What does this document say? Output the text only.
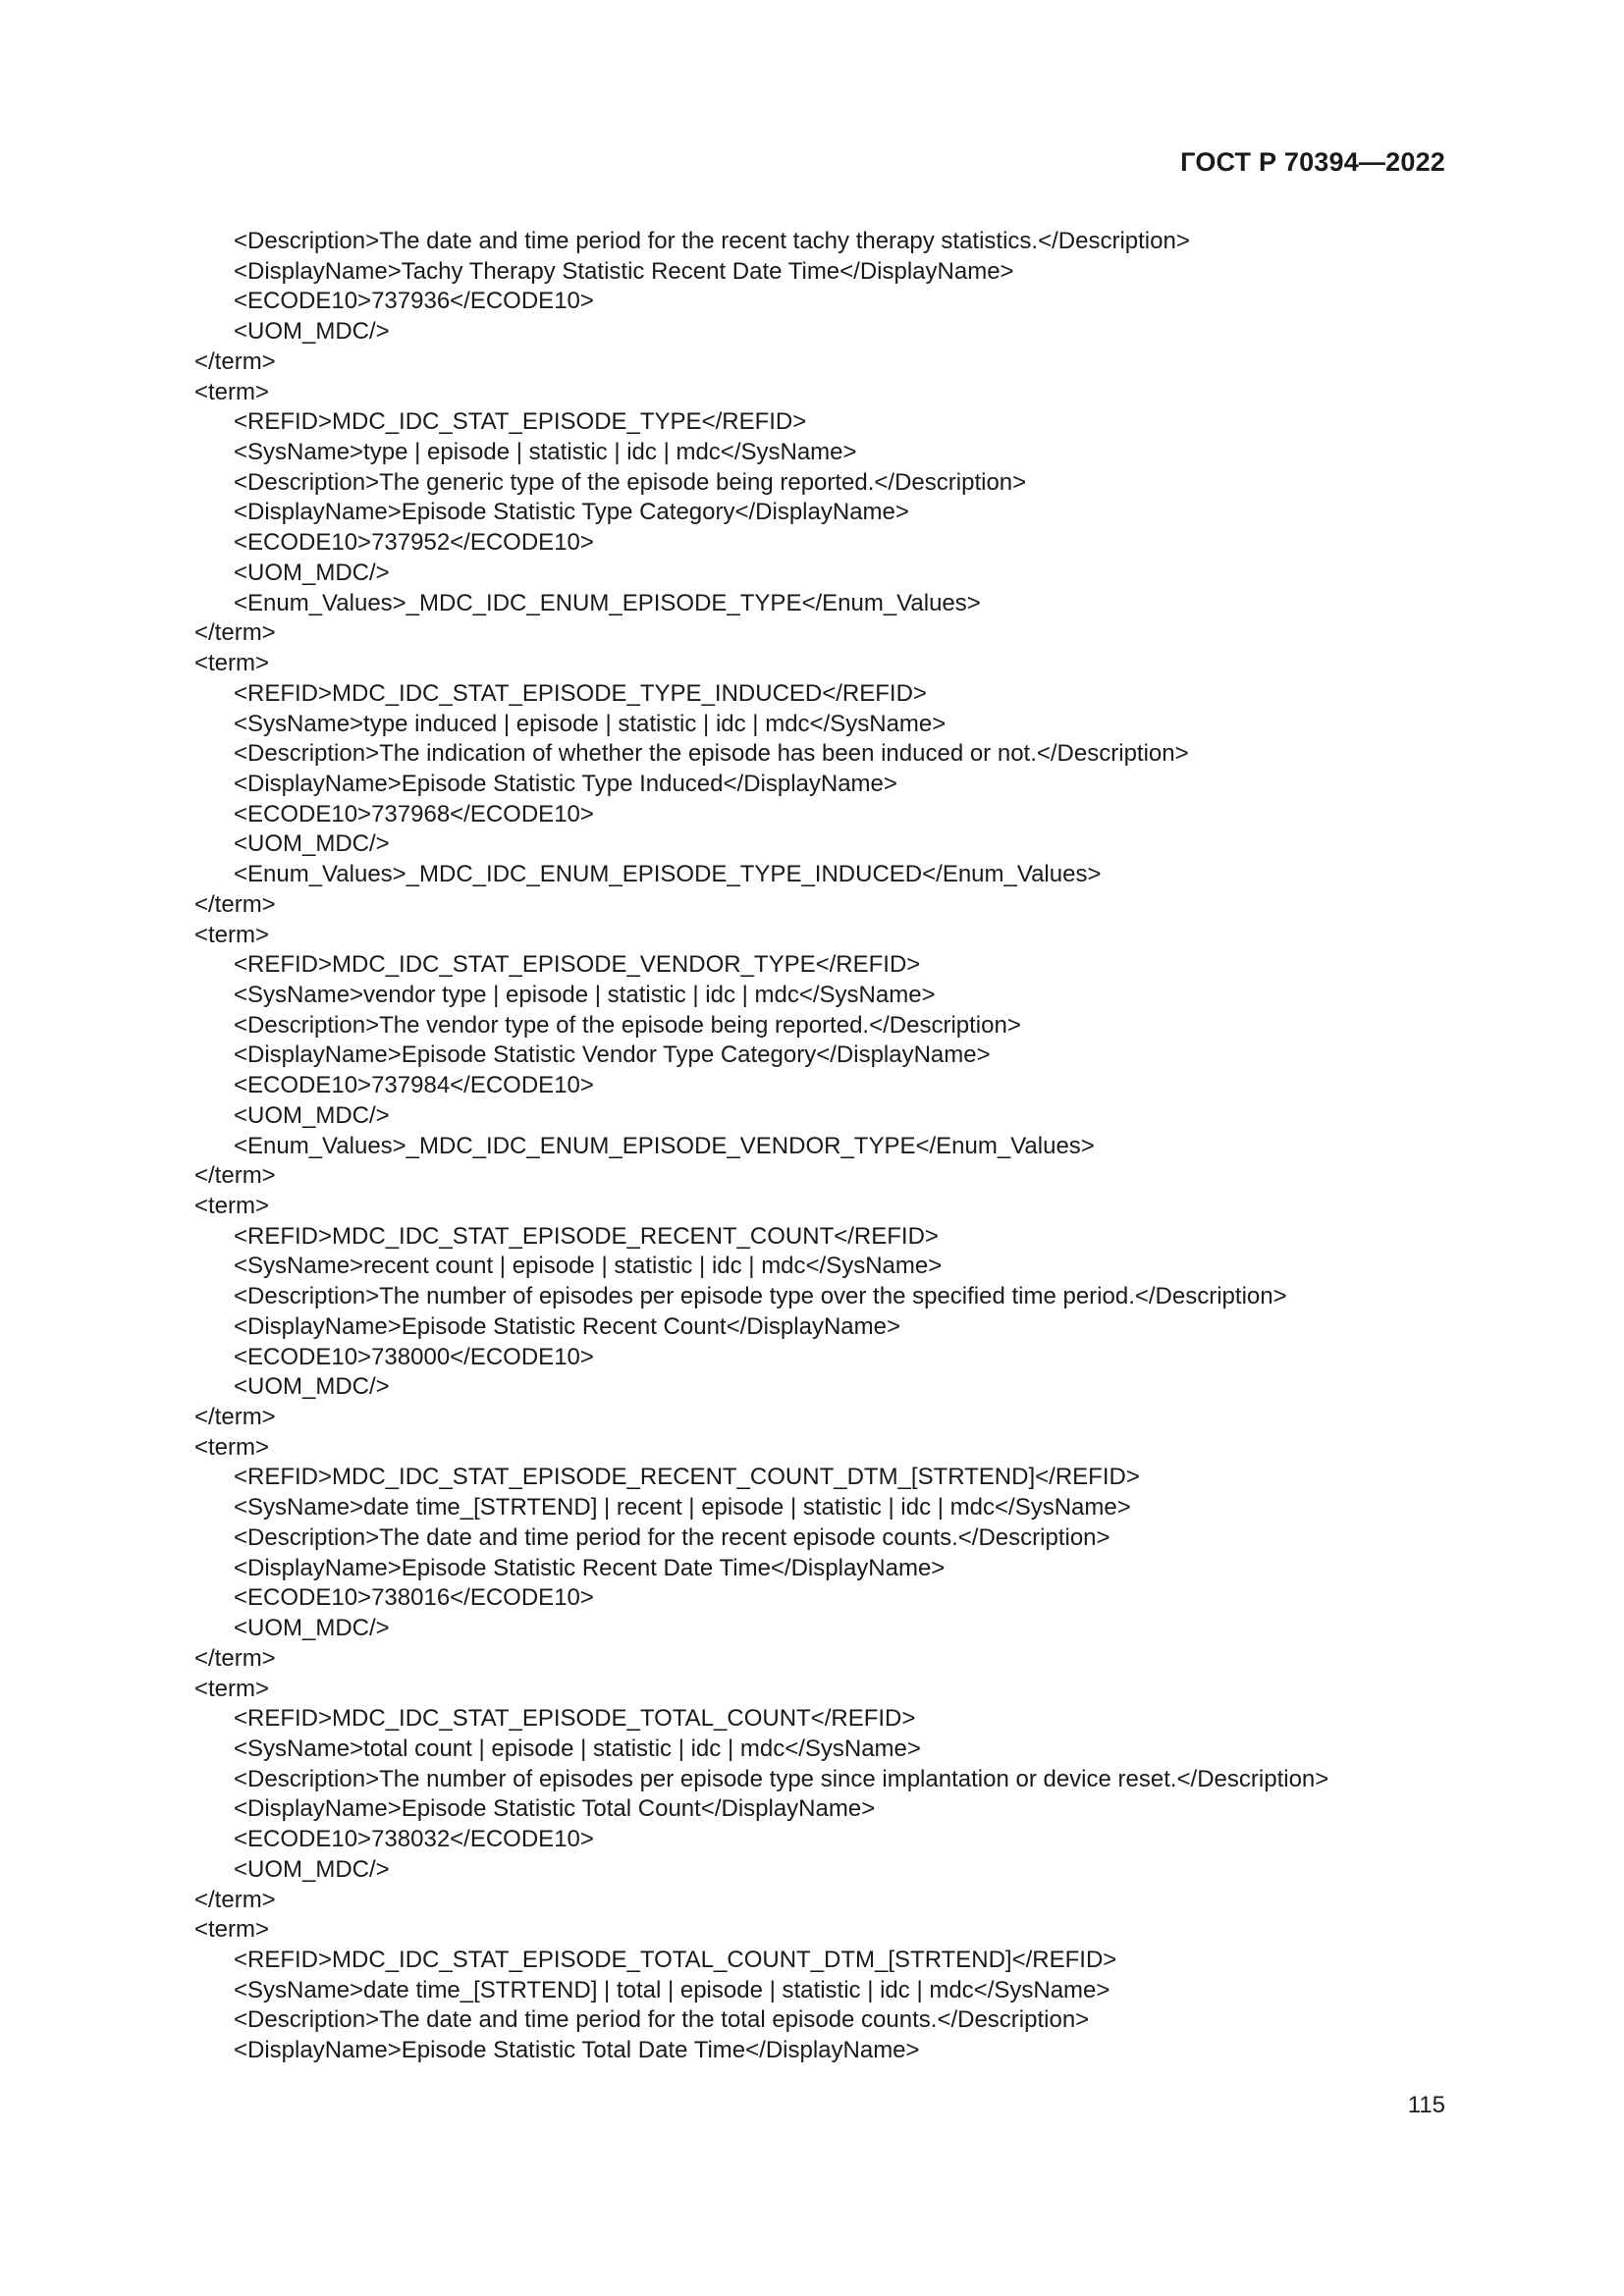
ГОСТ Р 70394—2022
<Description>The date and time period for the recent tachy therapy statistics.</Description>
<DisplayName>Tachy Therapy Statistic Recent Date Time</DisplayName>
<ECODE10>737936</ECODE10>
<UOM_MDC/>
</term>
<term>
<REFID>MDC_IDC_STAT_EPISODE_TYPE</REFID>
<SysName>type | episode | statistic | idc | mdc</SysName>
<Description>The generic type of the episode being reported.</Description>
<DisplayName>Episode Statistic Type Category</DisplayName>
<ECODE10>737952</ECODE10>
<UOM_MDC/>
<Enum_Values>_MDC_IDC_ENUM_EPISODE_TYPE</Enum_Values>
</term>
<term>
<REFID>MDC_IDC_STAT_EPISODE_TYPE_INDUCED</REFID>
<SysName>type induced | episode | statistic | idc | mdc</SysName>
<Description>The indication of whether the episode has been induced or not.</Description>
<DisplayName>Episode Statistic Type Induced</DisplayName>
<ECODE10>737968</ECODE10>
<UOM_MDC/>
<Enum_Values>_MDC_IDC_ENUM_EPISODE_TYPE_INDUCED</Enum_Values>
</term>
<term>
<REFID>MDC_IDC_STAT_EPISODE_VENDOR_TYPE</REFID>
<SysName>vendor type | episode | statistic | idc | mdc</SysName>
<Description>The vendor type of the episode being reported.</Description>
<DisplayName>Episode Statistic Vendor Type Category</DisplayName>
<ECODE10>737984</ECODE10>
<UOM_MDC/>
<Enum_Values>_MDC_IDC_ENUM_EPISODE_VENDOR_TYPE</Enum_Values>
</term>
<term>
<REFID>MDC_IDC_STAT_EPISODE_RECENT_COUNT</REFID>
<SysName>recent count | episode | statistic | idc | mdc</SysName>
<Description>The number of episodes per episode type over the specified time period.</Description>
<DisplayName>Episode Statistic Recent Count</DisplayName>
<ECODE10>738000</ECODE10>
<UOM_MDC/>
</term>
<term>
<REFID>MDC_IDC_STAT_EPISODE_RECENT_COUNT_DTM_[STRTEND]</REFID>
<SysName>date time_[STRTEND] | recent | episode | statistic | idc | mdc</SysName>
<Description>The date and time period for the recent episode counts.</Description>
<DisplayName>Episode Statistic Recent Date Time</DisplayName>
<ECODE10>738016</ECODE10>
<UOM_MDC/>
</term>
<term>
<REFID>MDC_IDC_STAT_EPISODE_TOTAL_COUNT</REFID>
<SysName>total count | episode | statistic | idc | mdc</SysName>
<Description>The number of episodes per episode type since implantation or device reset.</Description>
<DisplayName>Episode Statistic Total Count</DisplayName>
<ECODE10>738032</ECODE10>
<UOM_MDC/>
</term>
<term>
<REFID>MDC_IDC_STAT_EPISODE_TOTAL_COUNT_DTM_[STRTEND]</REFID>
<SysName>date time_[STRTEND] | total | episode | statistic | idc | mdc</SysName>
<Description>The date and time period for the total episode counts.</Description>
<DisplayName>Episode Statistic Total Date Time</DisplayName>
115
